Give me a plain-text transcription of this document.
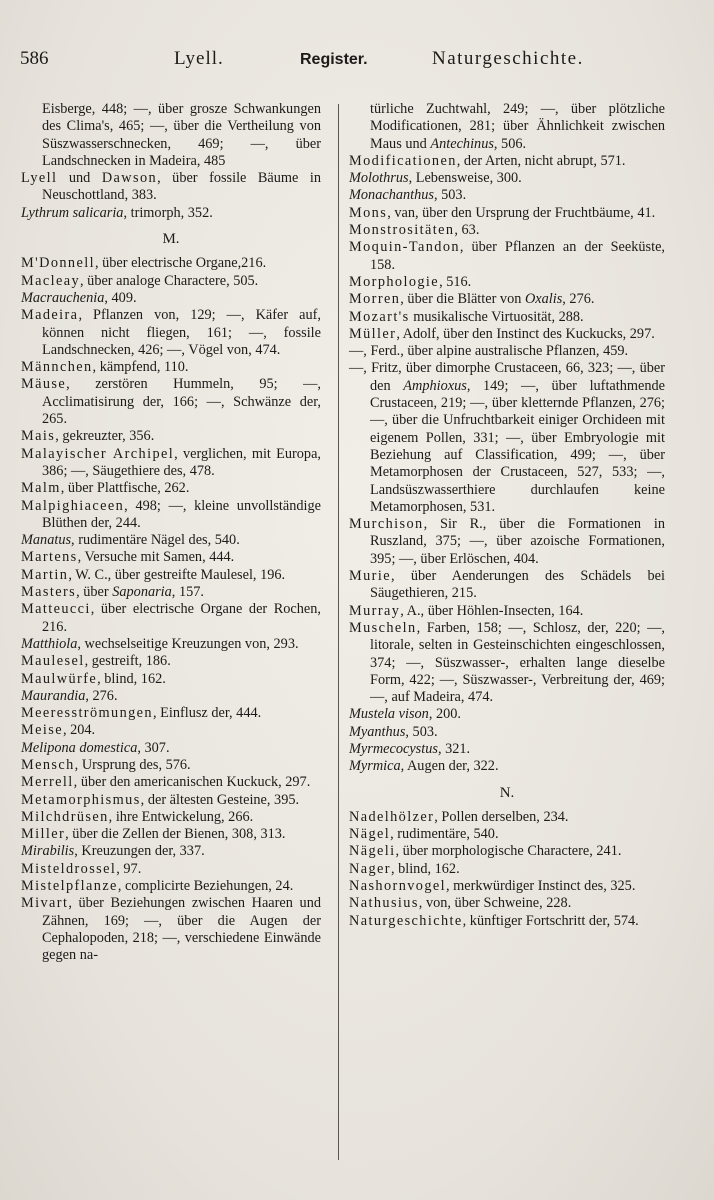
586	Lyell.	Register.	Naturgeschichte.

Eisberge, 448; —, über grosze Schwankungen des Clima's, 465; —, über die Vertheilung von Süszwasserschnecken, 469; —, über Landschnecken in Madeira, 485

Lyell und Dawson, über fossile Bäume in Neuschottland, 383.

Lythrum salicaria, trimorph, 352.

M.

M'Donnell, über electrische Organe,216.

Macleay, über analoge Charactere, 505.

Macrauchenia, 409.

Madeira, Pflanzen von, 129; —, Käfer auf, können nicht fliegen, 161; —, fossile Landschnecken, 426; —, Vögel von, 474.

Männchen, kämpfend, 110.

Mäuse, zerstören Hummeln, 95; —, Acclimatisirung der, 166; —, Schwänze der, 265.

Mais, gekreuzter, 356.

Malayischer Archipel, verglichen, mit Europa, 386; —, Säugethiere des, 478.

Malm, über Plattfische, 262.

Malpighiaceen, 498; —, kleine unvollständige Blüthen der, 244.

Manatus, rudimentäre Nägel des, 540.

Martens, Versuche mit Samen, 444.

Martin, W. C., über gestreifte Maulesel, 196.

Masters, über Saponaria, 157.

Matteucci, über electrische Organe der Rochen, 216.

Matthiola, wechselseitige Kreuzungen von, 293.

Maulesel, gestreift, 186.

Maulwürfe, blind, 162.

Maurandia, 276.

Meeresströmungen, Einflusz der, 444.

Meise, 204.

Melipona domestica, 307.

Mensch, Ursprung des, 576.

Merrell, über den americanischen Kuckuck, 297.

Metamorphismus, der ältesten Gesteine, 395.

Milchdrüsen, ihre Entwickelung, 266.

Miller, über die Zellen der Bienen, 308, 313.

Mirabilis, Kreuzungen der, 337.

Misteldrossel, 97.

Mistelpflanze, complicirte Beziehungen, 24.

Mivart, über Beziehungen zwischen Haaren und Zähnen, 169; —, über die Augen der Cephalopoden, 218; —, verschiedene Einwände gegen na-

türliche Zuchtwahl, 249; —, über plötzliche Modificationen, 281; über Ähnlichkeit zwischen Maus und Antechinus, 506.

Modificationen, der Arten, nicht abrupt, 571.

Molothrus, Lebensweise, 300.

Monachanthus, 503.

Mons, van, über den Ursprung der Fruchtbäume, 41.

Monstrositäten, 63.

Moquin-Tandon, über Pflanzen an der Seeküste, 158.

Morphologie, 516.

Morren, über die Blätter von Oxalis, 276.

Mozart's musikalische Virtuosität, 288.

Müller, Adolf, über den Instinct des Kuckucks, 297.

—, Ferd., über alpine australische Pflanzen, 459.

—, Fritz, über dimorphe Crustaceen, 66, 323; —, über den Amphioxus, 149; —, über luftathmende Crustaceen, 219; —, über kletternde Pflanzen, 276; —, über die Unfruchtbarkeit einiger Orchideen mit eigenem Pollen, 331; —, über Embryologie mit Beziehung auf Classification, 499; —, über Metamorphosen der Crustaceen, 527, 533; —, Landsüszwasserthiere durchlaufen keine Metamorphosen, 531.

Murchison, Sir R., über die Formationen in Ruszland, 375; —, über azoische Formationen, 395; —, über Erlöschen, 404.

Murie, über Aenderungen des Schädels bei Säugethieren, 215.

Murray, A., über Höhlen-Insecten, 164.

Muscheln, Farben, 158; —, Schlosz, der, 220; —, litorale, selten in Gesteinschichten eingeschlossen, 374; —, Süszwasser-, erhalten lange dieselbe Form, 422; —, Süszwasser-, Verbreitung der, 469; —, auf Madeira, 474.

Mustela vison, 200.

Myanthus, 503.

Myrmecocystus, 321.

Myrmica, Augen der, 322.

N.

Nadelhölzer, Pollen derselben, 234.

Nägel, rudimentäre, 540.

Nägeli, über morphologische Charactere, 241.

Nager, blind, 162.

Nashornvogel, merkwürdiger Instinct des, 325.

Nathusius, von, über Schweine, 228.

Naturgeschichte, künftiger Fortschritt der, 574.
